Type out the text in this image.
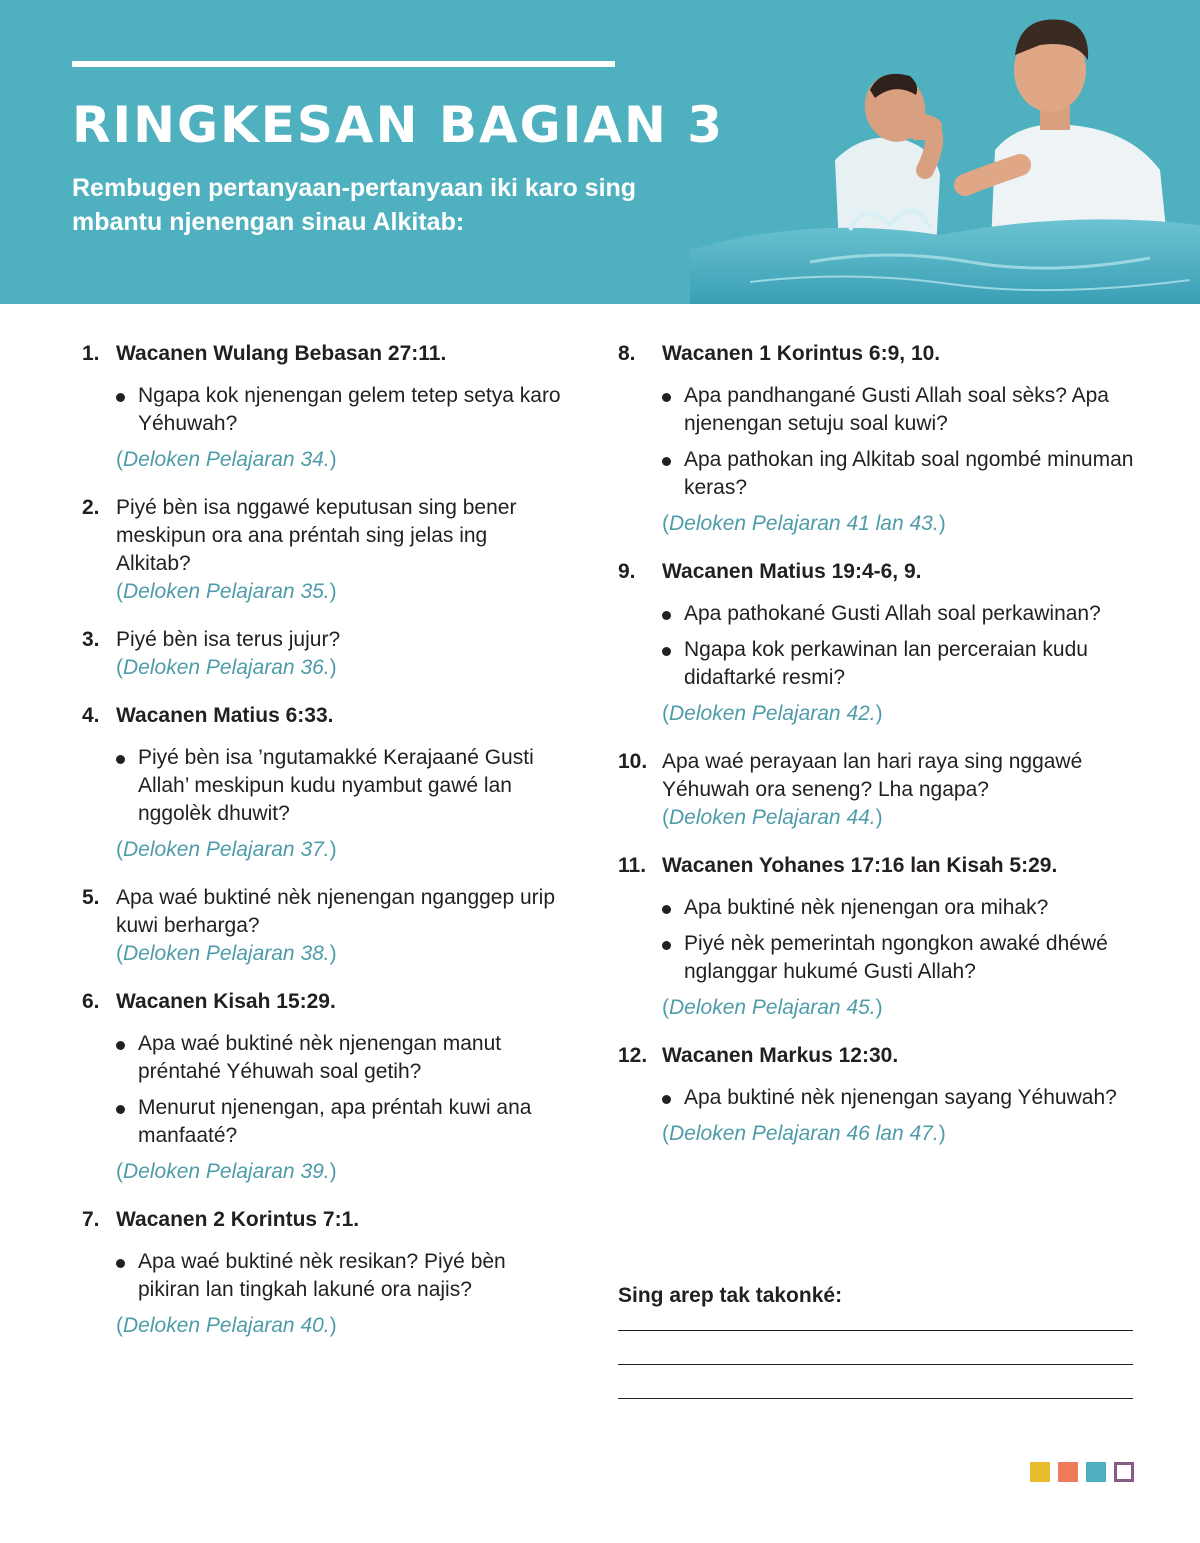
RINGKESAN BAGIAN 3

Rembugen pertanyaan-pertanyaan iki karo sing mbantu njenengan sinau Alkitab:

1. Wacanen Wulang Bebasan 27:11.
Ngapa kok njenengan gelem tetep setya karo Yéhuwah?
(Deloken Pelajaran 34.)
2. Piyé bèn isa nggawé keputusan sing bener meskipun ora ana préntah sing jelas ing Alkitab?
(Deloken Pelajaran 35.)
3. Piyé bèn isa terus jujur?
(Deloken Pelajaran 36.)
4. Wacanen Matius 6:33.
Piyé bèn isa ’ngutamakké Kerajaané Gusti Allah’ meskipun kudu nyambut gawé lan nggolèk dhuwit?
(Deloken Pelajaran 37.)
5. Apa waé buktiné nèk njenengan nganggep urip kuwi berharga?
(Deloken Pelajaran 38.)
6. Wacanen Kisah 15:29.
Apa waé buktiné nèk njenengan manut préntahé Yéhuwah soal getih?
Menurut njenengan, apa préntah kuwi ana manfaaté?
(Deloken Pelajaran 39.)
7. Wacanen 2 Korintus 7:1.
Apa waé buktiné nèk resikan? Piyé bèn pikiran lan tingkah lakuné ora najis?
(Deloken Pelajaran 40.)
8. Wacanen 1 Korintus 6:9, 10.
Apa pandhangané Gusti Allah soal sèks? Apa njenengan setuju soal kuwi?
Apa pathokan ing Alkitab soal ngombé minuman keras?
(Deloken Pelajaran 41 lan 43.)
9. Wacanen Matius 19:4-6, 9.
Apa pathokané Gusti Allah soal perkawinan?
Ngapa kok perkawinan lan perceraian kudu didaftarké resmi?
(Deloken Pelajaran 42.)
10. Apa waé perayaan lan hari raya sing nggawé Yéhuwah ora seneng? Lha ngapa?
(Deloken Pelajaran 44.)
11. Wacanen Yohanes 17:16 lan Kisah 5:29.
Apa buktiné nèk njenengan ora mihak?
Piyé nèk pemerintah ngongkon awaké dhéwé nglanggar hukumé Gusti Allah?
(Deloken Pelajaran 45.)
12. Wacanen Markus 12:30.
Apa buktiné nèk njenengan sayang Yéhuwah?
(Deloken Pelajaran 46 lan 47.)

Sing arep tak takonké:
